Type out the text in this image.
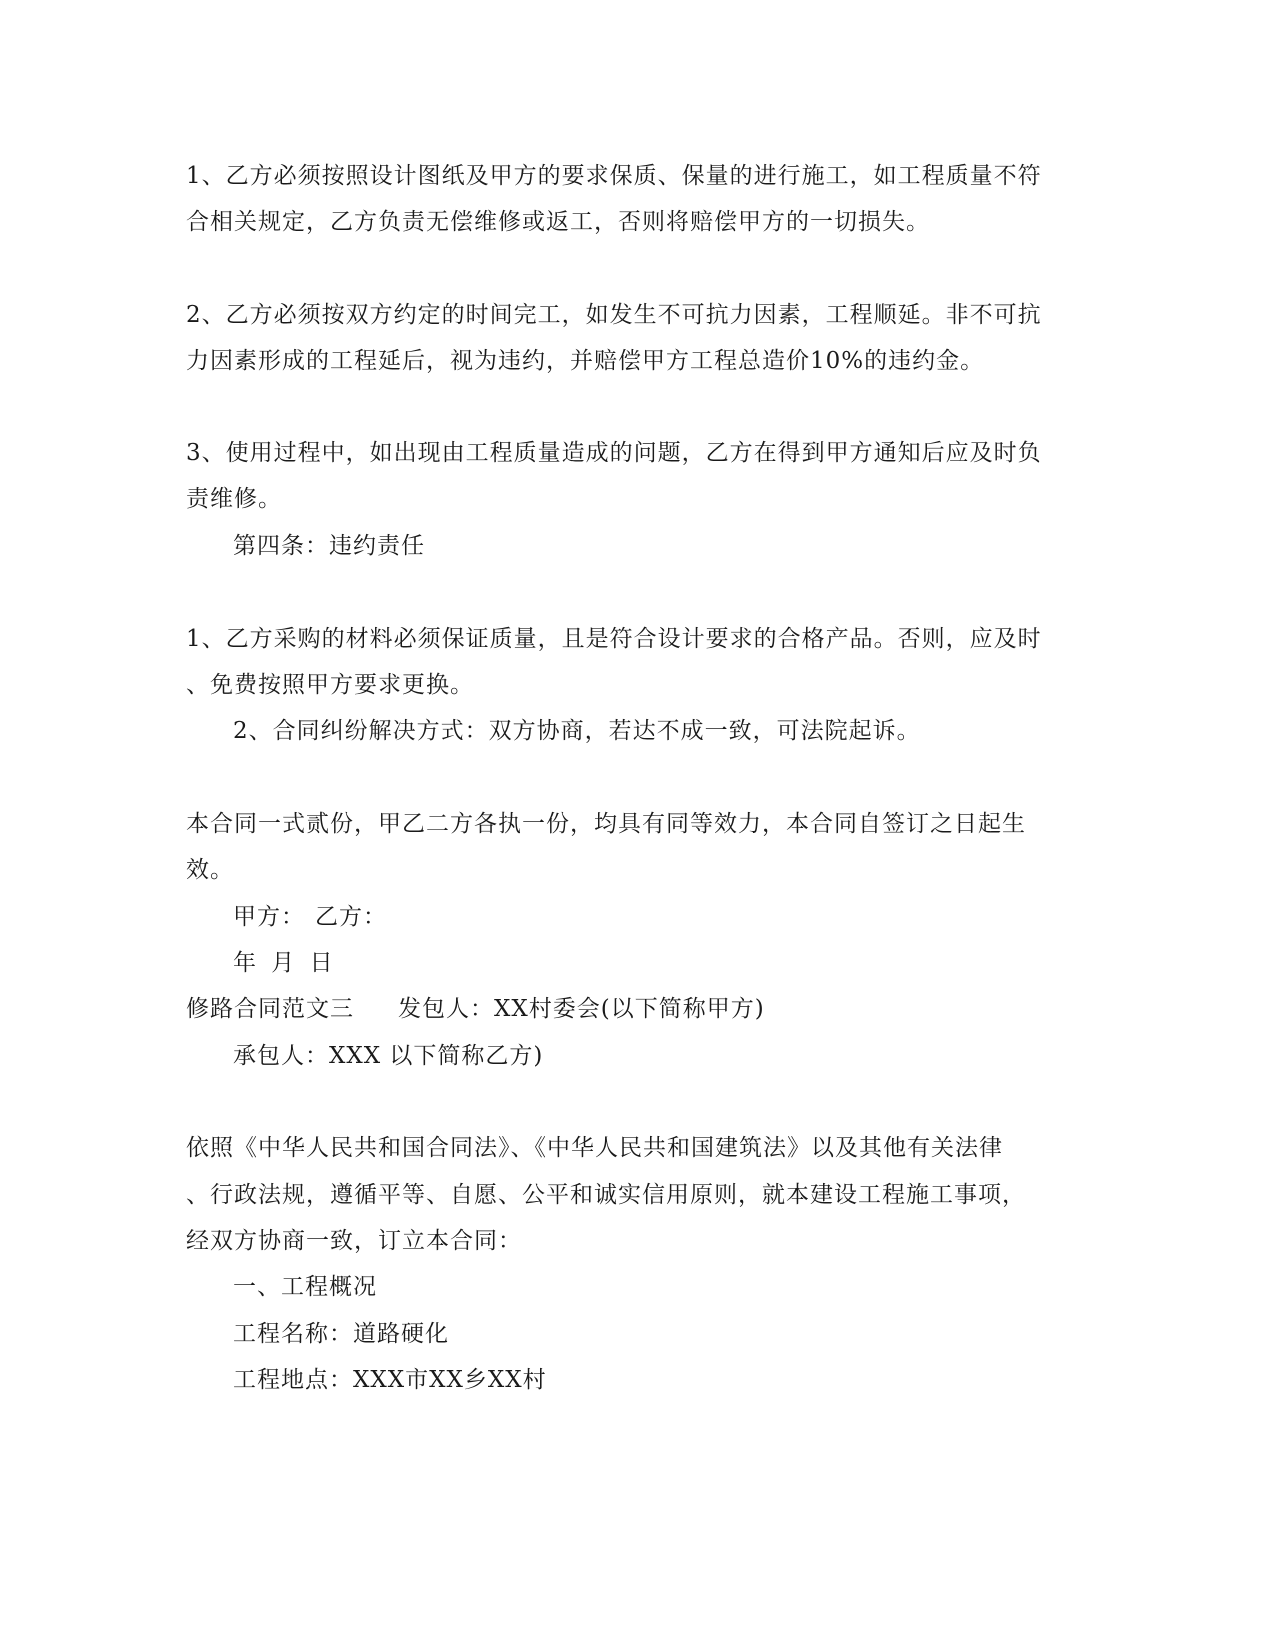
1、乙方必须按照设计图纸及甲方的要求保质、保量的进行施工，如工程质量不符
合相关规定，乙方负责无偿维修或返工，否则将赔偿甲方的一切损失。
2、乙方必须按双方约定的时间完工，如发生不可抗力因素，工程顺延。非不可抗
力因素形成的工程延后，视为违约，并赔偿甲方工程总造价10%的违约金。
3、使用过程中，如出现由工程质量造成的问题，乙方在得到甲方通知后应及时负
责维修。
第四条：违约责任
1、乙方采购的材料必须保证质量，且是符合设计要求的合格产品。否则，应及时
、免费按照甲方要求更换。
2、合同纠纷解决方式：双方协商，若达不成一致，可法院起诉。
本合同一式贰份，甲乙二方各执一份，均具有同等效力，本合同自签订之日起生
效。
甲方： 乙方：
年 月 日
修路合同范文三 发包人：XX村委会(以下简称甲方)
承包人：XXX 以下简称乙方)
依照《中华人民共和国合同法》、《中华人民共和国建筑法》以及其他有关法律
、行政法规，遵循平等、自愿、公平和诚实信用原则，就本建设工程施工事项，
经双方协商一致，订立本合同：
一、工程概况
工程名称：道路硬化
工程地点：XXX市XX乡XX村
